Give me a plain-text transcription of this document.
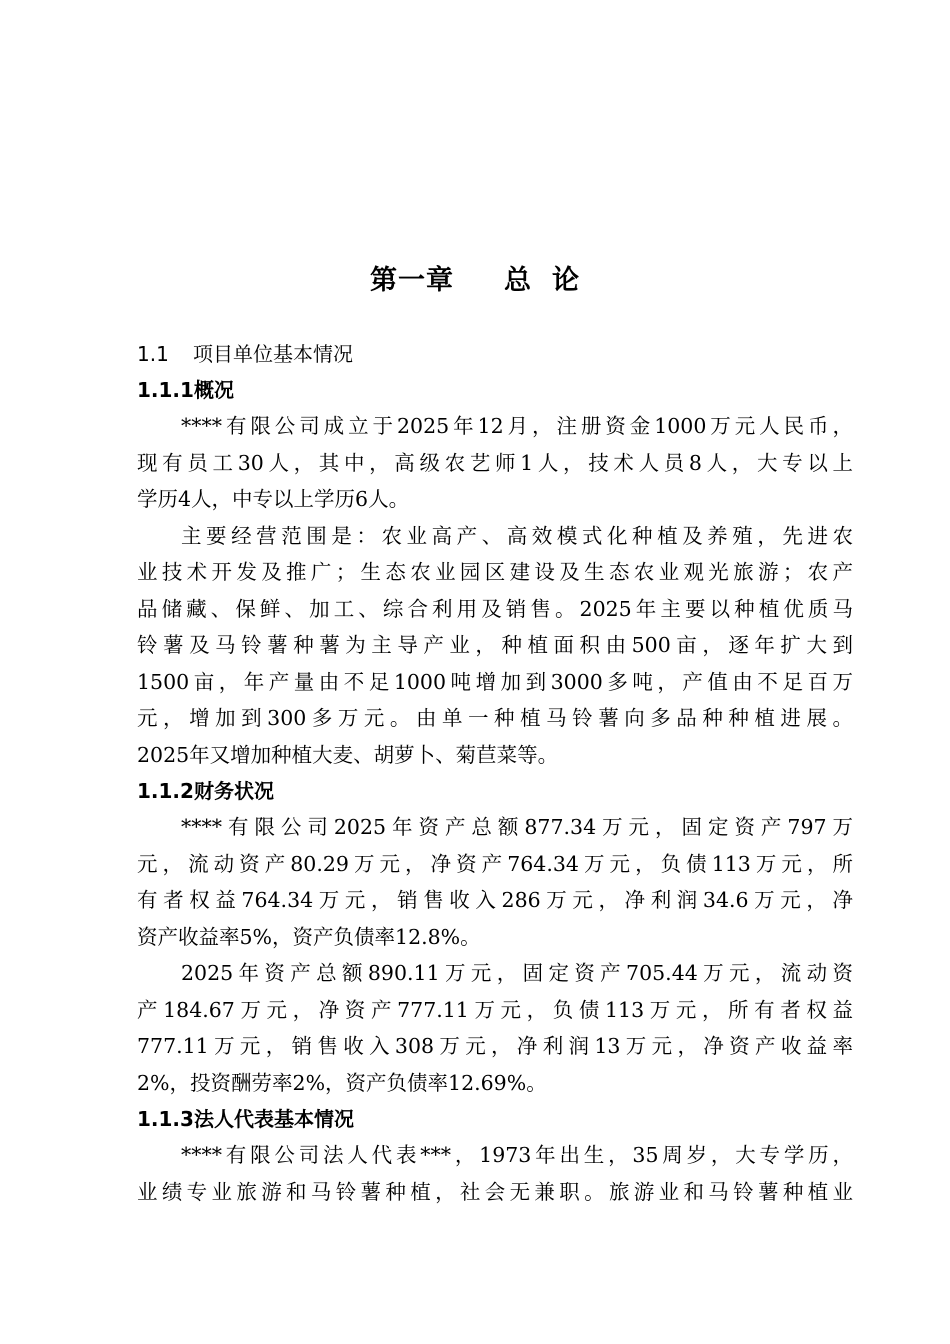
第一章 总 论
1.1 项目单位基本情况
1.1.1概况
****有限公司成立于2025年12月，注册资金1000万元人民币，
现有员工30人，其中，高级农艺师1人，技术人员8人，大专以上
学历4人，中专以上学历6人。
主要经营范围是：农业高产、高效模式化种植及养殖，先进农
业技术开发及推广；生态农业园区建设及生态农业观光旅游；农产
品储藏、保鲜、加工、综合利用及销售。2025年主要以种植优质马
铃薯及马铃薯种薯为主导产业，种植面积由500亩，逐年扩大到
1500亩，年产量由不足1000吨增加到3000多吨，产值由不足百万
元，增加到300多万元。由单一种植马铃薯向多品种种植进展。
2025年又增加种植大麦、胡萝卜、菊苣菜等。
1.1.2财务状况
****有限公司2025年资产总额877.34万元，固定资产797万
元，流动资产80.29万元，净资产764.34万元，负债113万元，所
有者权益764.34万元，销售收入286万元，净利润34.6万元，净
资产收益率5%，资产负债率12.8%。
2025年资产总额890.11万元，固定资产705.44万元，流动资
产184.67万元，净资产777.11万元，负债113万元，所有者权益
777.11万元，销售收入308万元，净利润13万元，净资产收益率
2%，投资酬劳率2%，资产负债率12.69%。
1.1.3法人代表基本情况
****有限公司法人代表***，1973年出生，35周岁，大专学历，
业绩专业旅游和马铃薯种植，社会无兼职。旅游业和马铃薯种植业
